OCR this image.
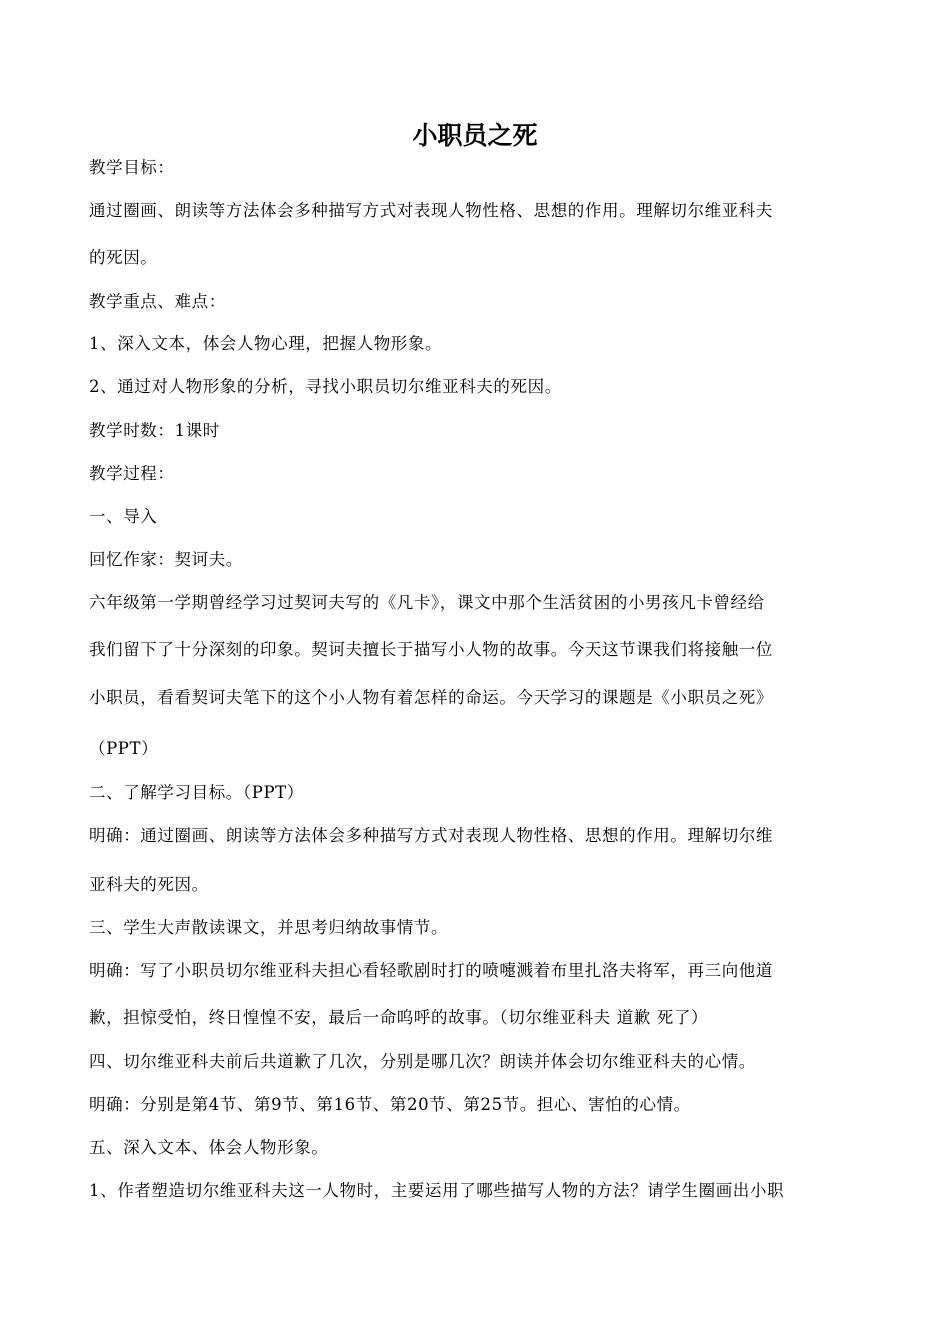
小职员之死
教学目标：
通过圈画、朗读等方法体会多种描写方式对表现人物性格、思想的作用。理解切尔维亚科夫
的死因。
教学重点、难点：
1、深入文本，体会人物心理，把握人物形象。
2、通过对人物形象的分析，寻找小职员切尔维亚科夫的死因。
教学时数：1课时
教学过程：
一、导入
回忆作家：契诃夫。
六年级第一学期曾经学习过契诃夫写的《凡卡》，课文中那个生活贫困的小男孩凡卡曾经给
我们留下了十分深刻的印象。契诃夫擅长于描写小人物的故事。今天这节课我们将接触一位
小职员，看看契诃夫笔下的这个小人物有着怎样的命运。今天学习的课题是《小职员之死》
（PPT）
二、了解学习目标。（PPT）
明确：通过圈画、朗读等方法体会多种描写方式对表现人物性格、思想的作用。理解切尔维
亚科夫的死因。
三、学生大声散读课文，并思考归纳故事情节。
明确：写了小职员切尔维亚科夫担心看轻歌剧时打的喷嚏溅着布里扎洛夫将军，再三向他道
歉，担惊受怕，终日惶惶不安，最后一命呜呼的故事。（切尔维亚科夫 道歉 死了）
四、切尔维亚科夫前后共道歉了几次，分别是哪几次？朗读并体会切尔维亚科夫的心情。
明确：分别是第4节、第9节、第16节、第20节、第25节。担心、害怕的心情。
五、深入文本、体会人物形象。
1、作者塑造切尔维亚科夫这一人物时，主要运用了哪些描写人物的方法？请学生圈画出小职
